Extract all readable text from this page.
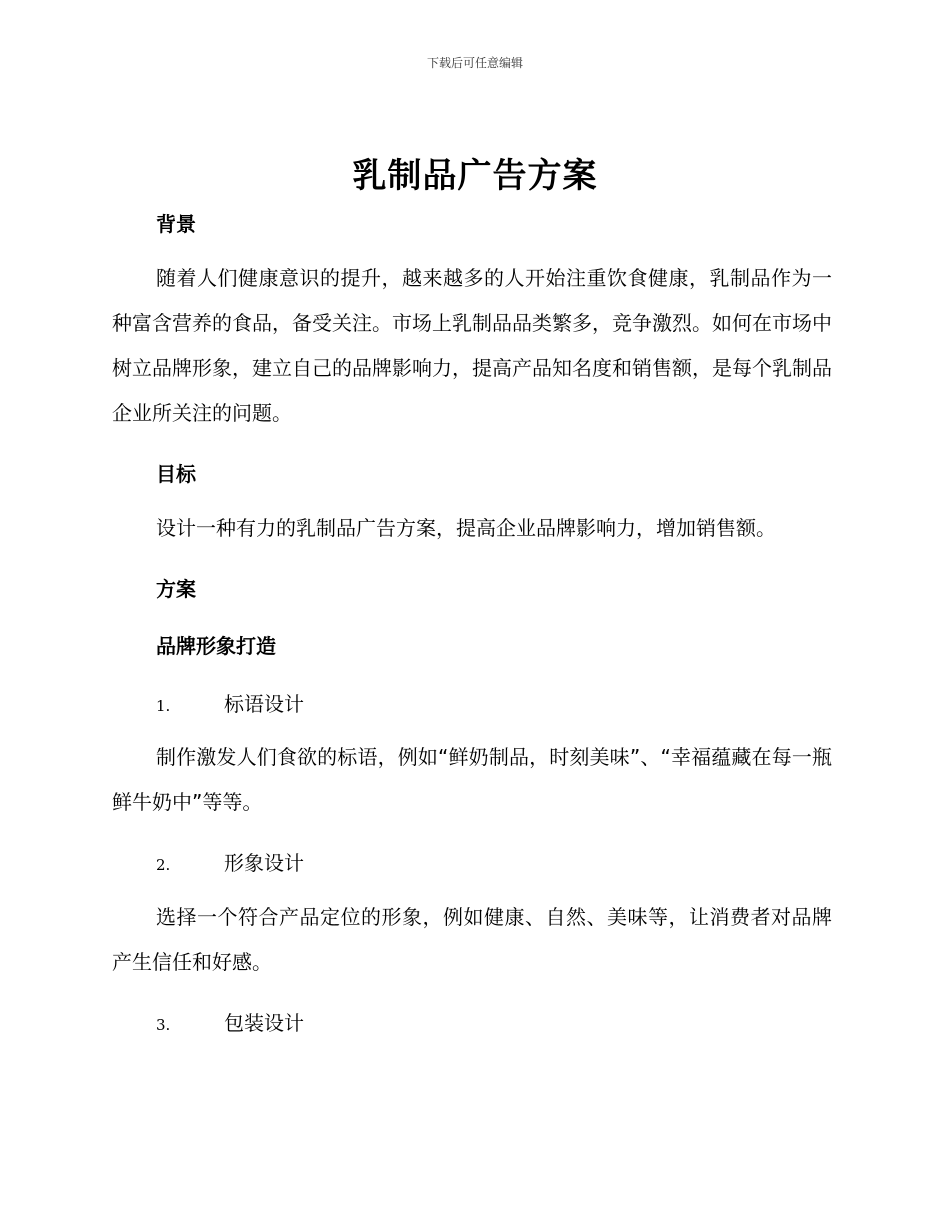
下载后可任意编辑
乳制品广告方案
背景
随着人们健康意识的提升，越来越多的人开始注重饮食健康，乳制品作为一种富含营养的食品，备受关注。市场上乳制品品类繁多，竞争激烈。如何在市场中树立品牌形象，建立自己的品牌影响力，提高产品知名度和销售额，是每个乳制品企业所关注的问题。
目标
设计一种有力的乳制品广告方案，提高企业品牌影响力，增加销售额。
方案
品牌形象打造
1.	标语设计
制作激发人们食欲的标语，例如“鲜奶制品，时刻美味”、“幸福蕴藏在每一瓶鲜牛奶中”等等。
2.	形象设计
选择一个符合产品定位的形象，例如健康、自然、美味等，让消费者对品牌产生信任和好感。
3.	包装设计
